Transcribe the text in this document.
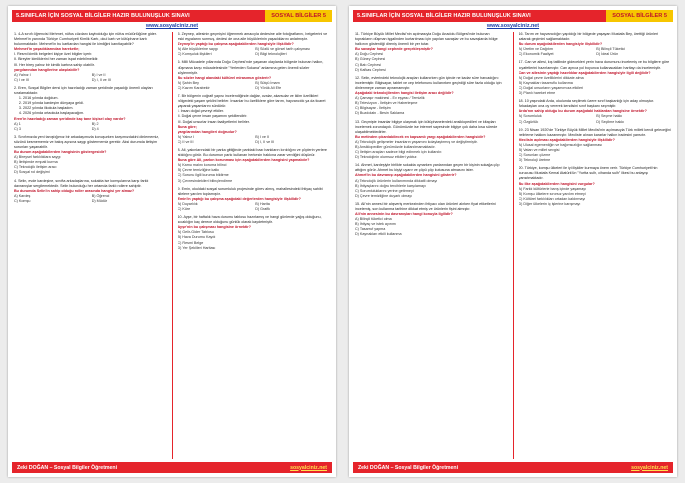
5.SINIFLAR İÇİN SOSYAL BİLGİLER HAZIR BULUNUŞLUK SINAVI	SOSYAL BİLGİLER 5
www.sosyalciniz.net
1. 4-A sınıfı öğrencisi Mehmet, nüfus cüzdanı kaybolduğu için nüfus müdürlüğüne gider. Mehmet'in yanında Türkiye Cumhuriyeti Kimlik Kartı, okul kartı ve kütüphane kartı bulunmaktadır. Mehmet'in bu kartlardan hangisi ile kimliğini kanıtlayabilir?
Mehmet'in yaşadıklarından hareketle;
I. Resmi kimlik belgeleri kişiye özel bilgiler içerir.
II. Bireyler kimliklerini her zaman ispat edebilmelidir.
III. Her birey yalnız bir kimlik kartına sahip olabilir.
yargılarından hangilerine ulaşılabilir?
A) Yalnız I	B) I ve II
C) I ve III	D) I, II ve III
2. Eren, Sosyal Bilgiler dersi için hazırladığı zaman şeridinde yaşadığı önemli olayları sıralamaktadır.
1. 2016 yılında doğdum.
2. 2019 yılında kardeşim dünyaya geldi.
3. 2022 yılında ilkokula başladım.
4. 2026 yılında ortaokula başlayacağım.
Eren'in hazırladığı zaman şeridinde kaç tane kişisel olay vardır?
A) 1	B) 2
C) 3	D) 4
3. Sınıfımızda yeni tanıştığımız bir arkadaşımızla konuşurken karşımızdakini dinlememiz, sözünü kesmememiz ve bakış açısına saygı göstermemiz gerekir. Aksi durumda iletişim sorunları yaşanabilir.
Bu durum aşağıdakilerden hangisinin göstergesidir?
A) Bireysel farklılıklara saygı
B) İletişimde empati kurma
C) Teknolojik iletişim aracı
D) Sosyal rol değişimi
4. Selin, evde kardeşine, sınıfta arkadaşlarına, sokakta ise komşularına karşı farklı davranışlar sergilemektedir. Selin bulunduğu her ortamda farklı rollere sahiptir.
Bu durumda Selin'in sahip olduğu roller arasında hangisi yer almaz?
A) Kardeş	B) Öğrenci
C) Komşu	D) Müdür
5. Zeynep, ailesinin geçmişini öğrenmek amacıyla dedesine aile fotoğraflarını, belgelerini ve eski eşyalarını sormuş, dedesi de ona aile büyüklerinin yaşadıklarını anlatmıştır.
Zeynep'in yaptığı bu çalışma aşağıdakilerden hangisiyle ilişkilidir?
A) Aile büyüklerine saygı	B) Sözlü ve görsel tarih çalışması
C) Komşuluk ilişkileri	D) Bilgi teknolojileri
6. Milli Mücadele yıllarında Doğu Cephesi'nde yaşanan olaylarda bölgede bulunan halkın, düşmana karşı mücadelesinde "Yerlerden Sokana" anlamına gelen önemli sözler söylenmiştir.
Bu sözler hangi alandaki kültürel mirasımızı gösterir?
A) Şahin Bey	B) Sütçü İmam
C) Kazım Karabekir	D) Yörük Ali Efe
7. Bir bölgenin coğrafi yapısı incelendiğinde dağlar, ovalar, akarsular ve iklim özellikleri bölgedeki yaşam şeklini belirler. İnsanlar bu özelliklere göre tarım, hayvancılık ya da ticaret yaparak yaşamlarını sürdürür.
I. İnsan doğal çevreyi etkiler.
II. Doğal çevre insan yaşamını şekillendirir.
III. Doğal unsurlar insan faaliyetlerini belirler.
Buna göre;
yargılarından hangileri doğrudur?
A) Yalnız I	B) I ve II
C) II ve III	D) I, II ve III
8. Ali, yakınlarındaki bir parka gittiğinde parktaki bazı bankların kırıldığını ve çöplerin yerlere atıldığını görür. Bu durumun parkı kullanan herkesin hakkına zarar verdiğini düşünür.
Buna göre Ali, parkın korunması için aşağıdakilerden hangisini yapmalıdır?
A) Kamu malını koruma bilinci
B) Çevre temizliğine katkı
C) Sorunu ilgili kuruma bildirme
D) Çevresindekileri bilinçlendirme
9. Emin, okuldaki sosyal sorumluluk projesinde görev almış, mahallesindeki ihtiyaç sahibi ailelere yardım toplamıştır.
Emin'in yaptığı bu çalışma aşağıdaki değerlerden hangisiyle ilişkilidir?
A) Duyarlılık	B) Harita
C) Küre	D) Grafik
10. Ayşe, bir haftalık hava durumu tablosu hazırlamış ve hangi günlerde yağış olduğunu, sıcaklığın kaç derece olduğunu günlük olarak kaydetmiştir.
Ayşe'nin bu çalışması hangisine örnektir?
A) Gelir-Gider Tablosu
B) Hava Durumu Kaydı
C) Resmi Belge
D) Yer Şekilleri Haritası
Zeki DOĞAN – Sosyal Bilgiler Öğretmeni	sosyalciniz.net
5.SINIFLAR İÇİN SOSYAL BİLGİLER HAZIR BULUNUŞLUK SINAVI	SOSYAL BİLGİLER 5
www.sosyalciniz.net
11. Türkiye Büyük Millet Meclisi'nin açılmasıyla Doğu Anadolu Bölgesi'nde bulunan toprakların düşman işgalinden kurtarılması için yapılan savaşlar ve bu savaşlarda bölge halkının gösterdiği direniş önemli bir yer tutar.
Bu savaşlar hangi cephede gerçekleşmiştir?
A) Doğu Cephesi
B) Güney Cephesi
C) Batı Cephesi
D) Kafkas Cephesi
12. Selin, evlerindeki teknolojik araçları kullanırken gün içinde ne kadar süre harcadığını incelemiştir. Bilgisayar, tablet ve cep telefonunu kullanırken geçirdiği süre fazla olduğu için dinlenmeye zaman ayıramamıştır.
Aşağıdaki teknolojilerden hangisi iletişim aracı değildir?
A) Çamaşır makinesi - Ev eşyası / Temizlik
B) Televizyon - İletişim ve Haberleşme
C) Bilgisayar - İletişim
D) Buzdolabı - Besin Saklama
13. Geçmişte insanlar bilgiye ulaşmak için kütüphanelerdeki ansiklopedileri ve kitapları incelemek zorundaydı. Günümüzde ise internet sayesinde bilgiye çok daha kısa sürede ulaşabilmektedirler.
Bu metinden çıkarılabilecek en kapsamlı yargı aşağıdakilerden hangisidir?
A) Teknolojik gelişmeler insanların yaşamını kolaylaştırmış ve değiştirmiştir.
B) Ansiklopediler günümüzde kullanılmamaktadır.
C) İletişim araçları sadece bilgi edinmek için kullanılır.
D) Teknolojinin olumsuz etkileri yoktur.
14. Ahmet, kardeşiyle birlikte sokakta oynarken yanlarından geçen bir kişinin sokağa çöp attığını görür. Ahmet bu kişiyi uyarır ve çöpü çöp kutusuna atmasını ister.
Ahmet'in bu davranışı aşağıdakilerden hangisini gösterir?
A) Teknolojik ürünlerin kullanımında dikkatli olmayı
B) İhtiyaçlarını doğru tercihlerle karşılamayı
C) Sorumluluklarını yerine getirmeyi
D) Çevre temizliğine duyarlı olmayı
15. Ali'nin annesi bir alışveriş merkezinden ihtiyacı olan ürünleri alırken fiyat etiketlerini incelemiş, son kullanma tarihine dikkat etmiş ve ürünlerin fişini almıştır.
Ali'nin annesinin bu davranışları hangi konuyla ilgilidir?
A) Bilinçli tüketici olma
B) İhtiyaç ve istek ayırımı
C) Tasarruf yapma
D) Kaynakları etkili kullanma
16. Tarım ve hayvancılığın yapıldığı bir bölgede yaşayan Mustafa Bey, ürettiği ürünleri satarak geçimini sağlamaktadır.
Bu durum aşağıdakilerden hangisiyle ilişkilidir?
A) Üretim ve Dağıtım	B) Bilinçli Tüketici
C) Ekonomik Faaliyet	D) İdeal Ürün
17. Can ve ailesi, kış tatilinde gidecekleri yerin hava durumunu incelemiş ve bu bilgilere göre kıyafetlerini hazırlamıştır. Can ayrıca yol boyunca kullanacakları haritayı da incelemiştir.
Can ve ailesinin yaptığı hazırlıklar aşağıdakilerden hangisiyle ilgili değildir?
A) Doğal çevre özelliklerini dikkate alma
B) Kaynakları tasarruflu kullanma
C) Doğal unsurların yaşamımıza etkileri
D) Planlı hareket etme
18. 10 yaşındaki Arda, okulunda seçilmek üzere sınıf başkanlığı için aday olmuştur. Arkadaşları ona oy vererek kendisini sınıf başkanı seçmiştir.
Arda'nın sahip olduğu bu durum aşağıdaki haklardan hangisine örnektir?
A) Sorumluluk	B) Seçme hakkı
C) Özgürlük	D) Seçilme hakkı
19. 23 Nisan 1920'de Türkiye Büyük Millet Meclisi'nin açılmasıyla Türk milleti kendi geleceğini belirleme hakkını kazanmıştır. Mecliste alınan kararlar halkın iradesini yansıtır.
Meclisin açılması aşağıdakilerden hangisiyle ilişkilidir?
A) Ulusal egemenliğin ve bağımsızlığın sağlanması
B) Vatan ve millet sevgisi
C) Sorunları çözme
D) Teknoloji üretme
20. Türkiye, komşu ülkeleri ile iyi ilişkiler kurmaya önem verir. Türkiye Cumhuriyeti'nin kurucusu Mustafa Kemal Atatürk'ün "Yurtta sulh, cihanda sulh" ilkesi bu anlayışı yansıtmaktadır.
Bu ilke aşağıdakilerden hangisini vurgular?
A) Farklı kültürlerle barış içinde yaşamayı
B) Komşu ülkelere sınırsız yardım etmeyi
C) Kültürel farklılıkları ortadan kaldırmayı
D) Diğer ülkelerin iç işlerine karışmayı
Zeki DOĞAN – Sosyal Bilgiler Öğretmeni	sosyalciniz.net
